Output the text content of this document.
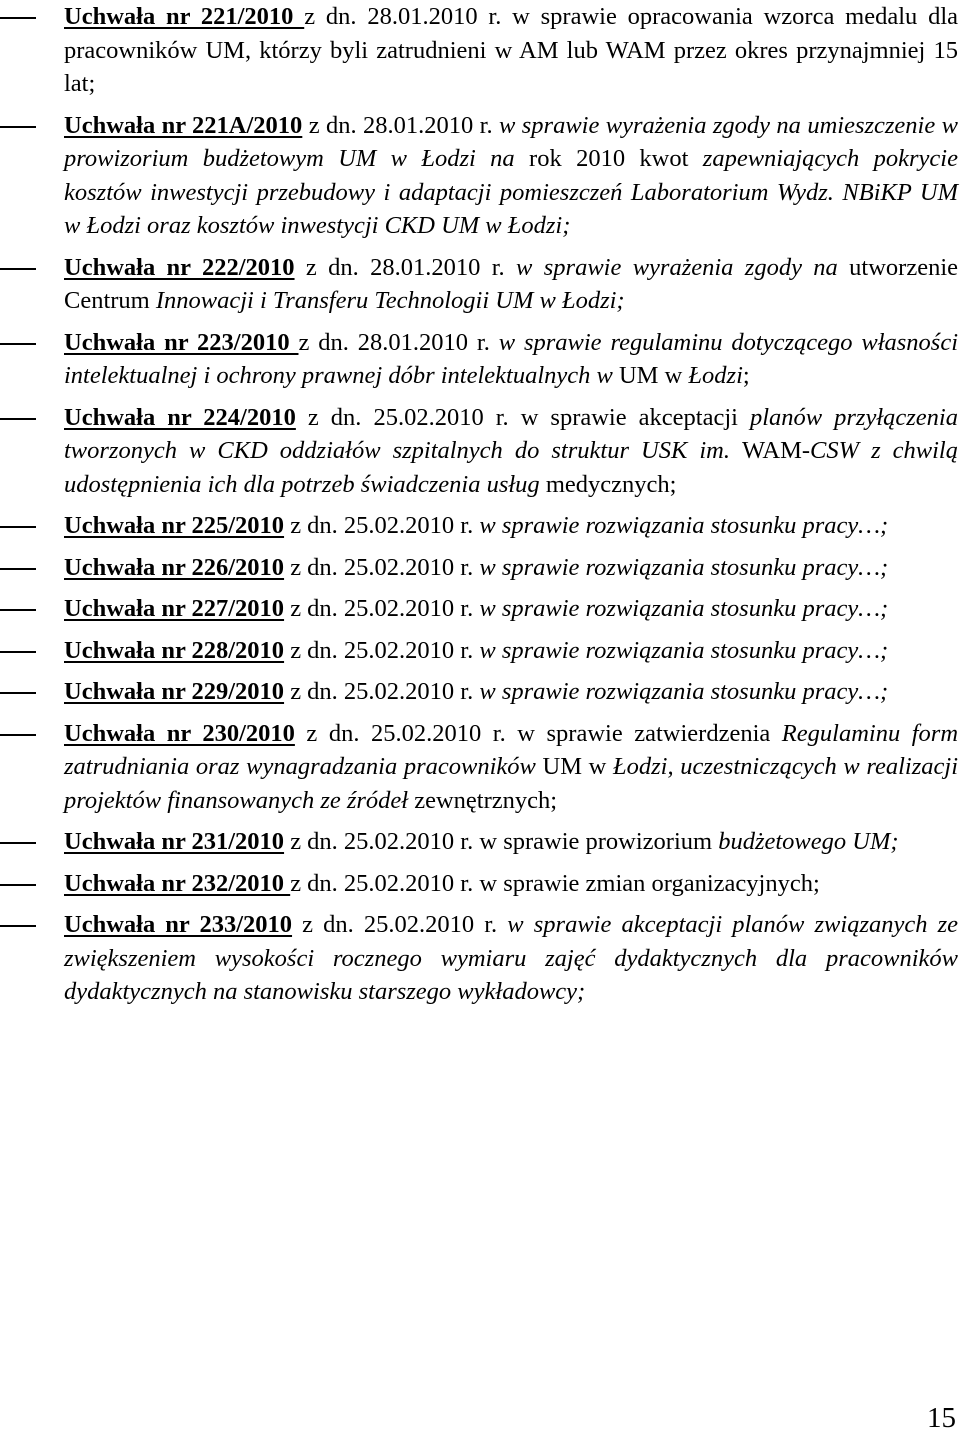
Uchwała nr 221/2010 z dn. 28.01.2010 r. w sprawie opracowania wzorca medalu dla pracowników UM, którzy byli zatrudnieni w AM lub WAM przez okres przynajmniej 15 lat;
Uchwała nr 221A/2010 z dn. 28.01.2010 r. w sprawie wyrażenia zgody na umieszczenie w prowizorium budżetowym UM w Łodzi na rok 2010 kwot zapewniających pokrycie kosztów inwestycji przebudowy i adaptacji pomieszczeń Laboratorium Wydz. NBiKP UM w Łodzi oraz kosztów inwestycji CKD UM w Łodzi;
Uchwała nr 222/2010 z dn. 28.01.2010 r. w sprawie wyrażenia zgody na utworzenie Centrum Innowacji i Transferu Technologii UM w Łodzi;
Uchwała nr 223/2010 z dn. 28.01.2010 r. w sprawie regulaminu dotyczącego własności intelektualnej i ochrony prawnej dóbr intelektualnych w UM w Łodzi;
Uchwała nr 224/2010 z dn. 25.02.2010 r. w sprawie akceptacji planów przyłączenia tworzonych w CKD oddziałów szpitalnych do struktur USK im. WAM-CSW z chwilą udostępnienia ich dla potrzeb świadczenia usług medycznych;
Uchwała nr 225/2010 z dn. 25.02.2010 r. w sprawie rozwiązania stosunku pracy…;
Uchwała nr 226/2010 z dn. 25.02.2010 r. w sprawie rozwiązania stosunku pracy…;
Uchwała nr 227/2010 z dn. 25.02.2010 r. w sprawie rozwiązania stosunku pracy…;
Uchwała nr 228/2010 z dn. 25.02.2010 r. w sprawie rozwiązania stosunku pracy…;
Uchwała nr 229/2010 z dn. 25.02.2010 r. w sprawie rozwiązania stosunku pracy…;
Uchwała nr 230/2010 z dn. 25.02.2010 r. w sprawie zatwierdzenia Regulaminu form zatrudniania oraz wynagradzania pracowników UM w Łodzi, uczestniczących w realizacji projektów finansowanych ze źródeł zewnętrznych;
Uchwała nr 231/2010 z dn. 25.02.2010 r. w sprawie prowizorium budżetowego UM;
Uchwała nr 232/2010 z dn. 25.02.2010 r. w sprawie zmian organizacyjnych;
Uchwała nr 233/2010 z dn. 25.02.2010 r. w sprawie akceptacji planów związanych ze zwiększeniem wysokości rocznego wymiaru zajęć dydaktycznych dla pracowników dydaktycznych na stanowisku starszego wykładowcy;
15
